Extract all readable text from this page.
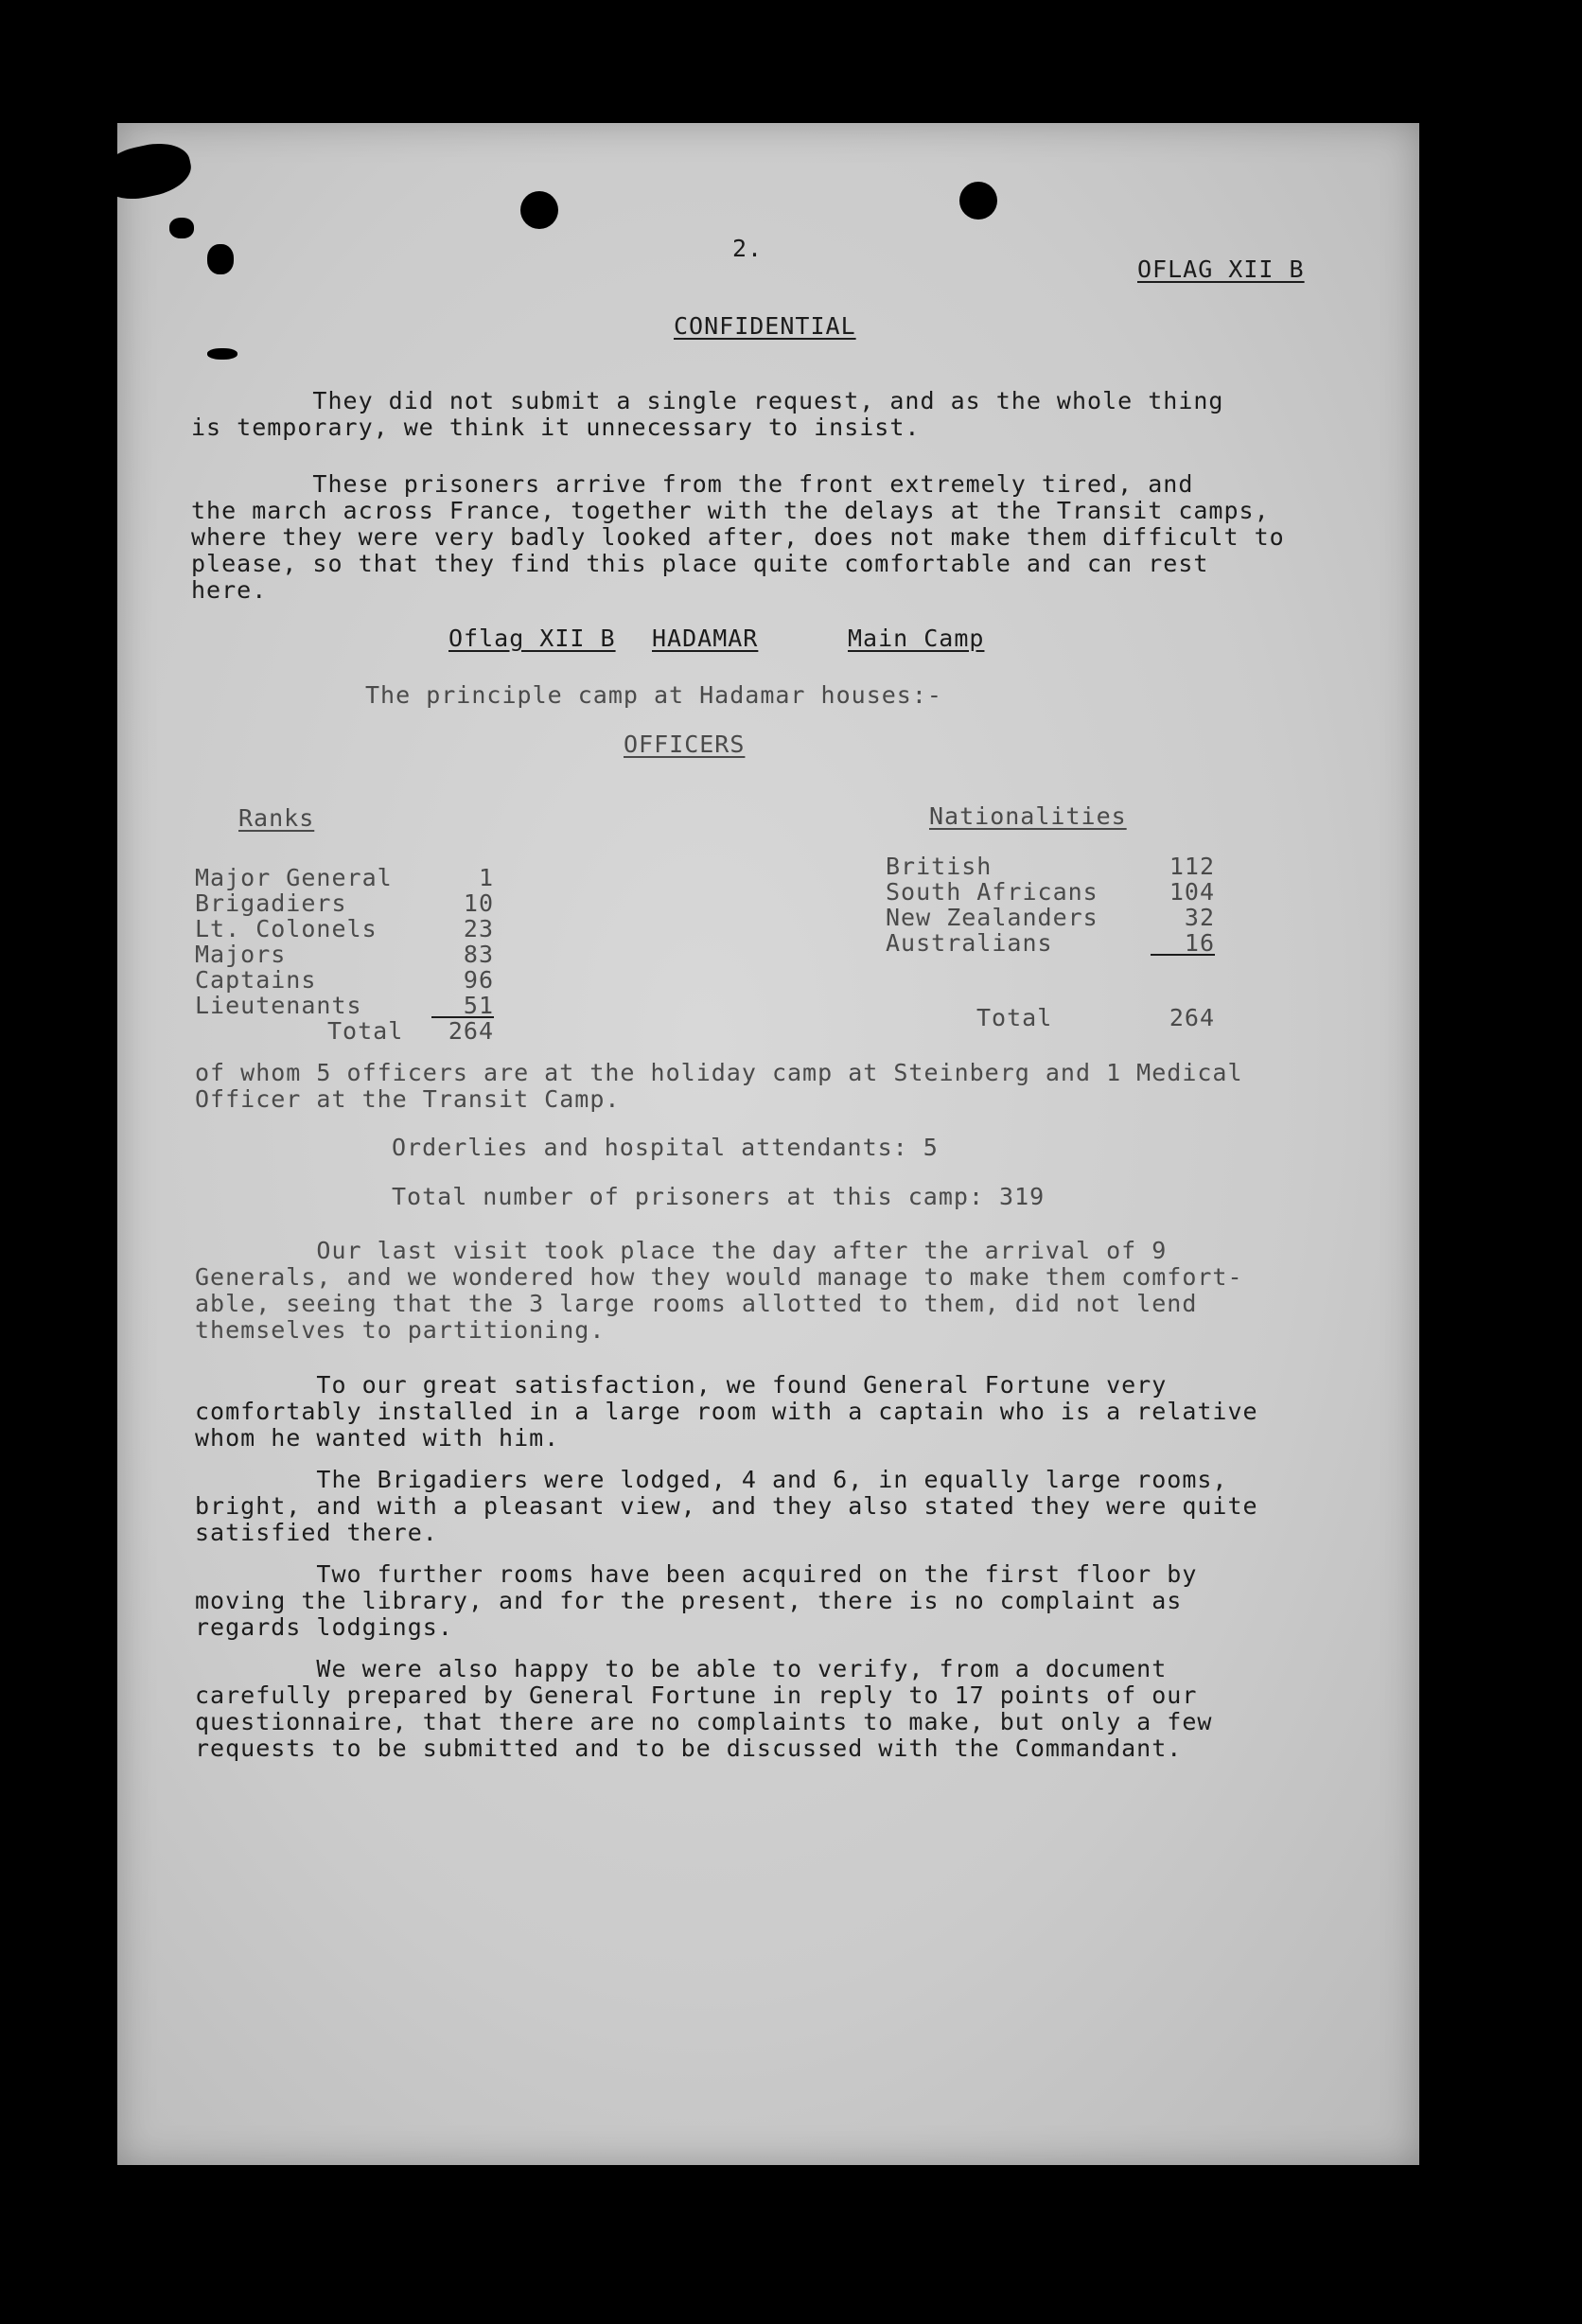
2.
OFLAG XII B
CONFIDENTIAL
They did not submit a single request, and as the whole thing
is temporary, we think it unnecessary to insist.
These prisoners arrive from the front extremely tired, and
the march across France, together with the delays at the Transit camps,
where they were very badly looked after, does not make them difficult to
please, so that they find this place quite comfortable and can rest
here.
Oflag XII B HADAMAR	Main Camp
The principle camp at Hadamar houses:-
OFFICERS
Ranks	Nationalities
Major General	1
Brigadiers	10
Lt. Colonels	23
Majors	83
Captains	96
Lieutenants	51
Total	264
British	112
South Africans	104
New Zealanders	32
Australians	16
Total	264
of whom 5 officers are at the holiday camp at Steinberg and 1 Medical
Officer at the Transit Camp.
Orderlies and hospital attendants: 5
Total number of prisoners at this camp: 319
Our last visit took place the day after the arrival of 9
Generals, and we wondered how they would manage to make them comfort-
able, seeing that the 3 large rooms allotted to them, did not lend
themselves to partitioning.
To our great satisfaction, we found General Fortune very
comfortably installed in a large room with a captain who is a relative
whom he wanted with him.
The Brigadiers were lodged, 4 and 6, in equally large rooms,
bright, and with a pleasant view, and they also stated they were quite
satisfied there.
Two further rooms have been acquired on the first floor by
moving the library, and for the present, there is no complaint as
regards lodgings.
We were also happy to be able to verify, from a document
carefully prepared by General Fortune in reply to 17 points of our
questionnaire, that there are no complaints to make, but only a few
requests to be submitted and to be discussed with the Commandant.
